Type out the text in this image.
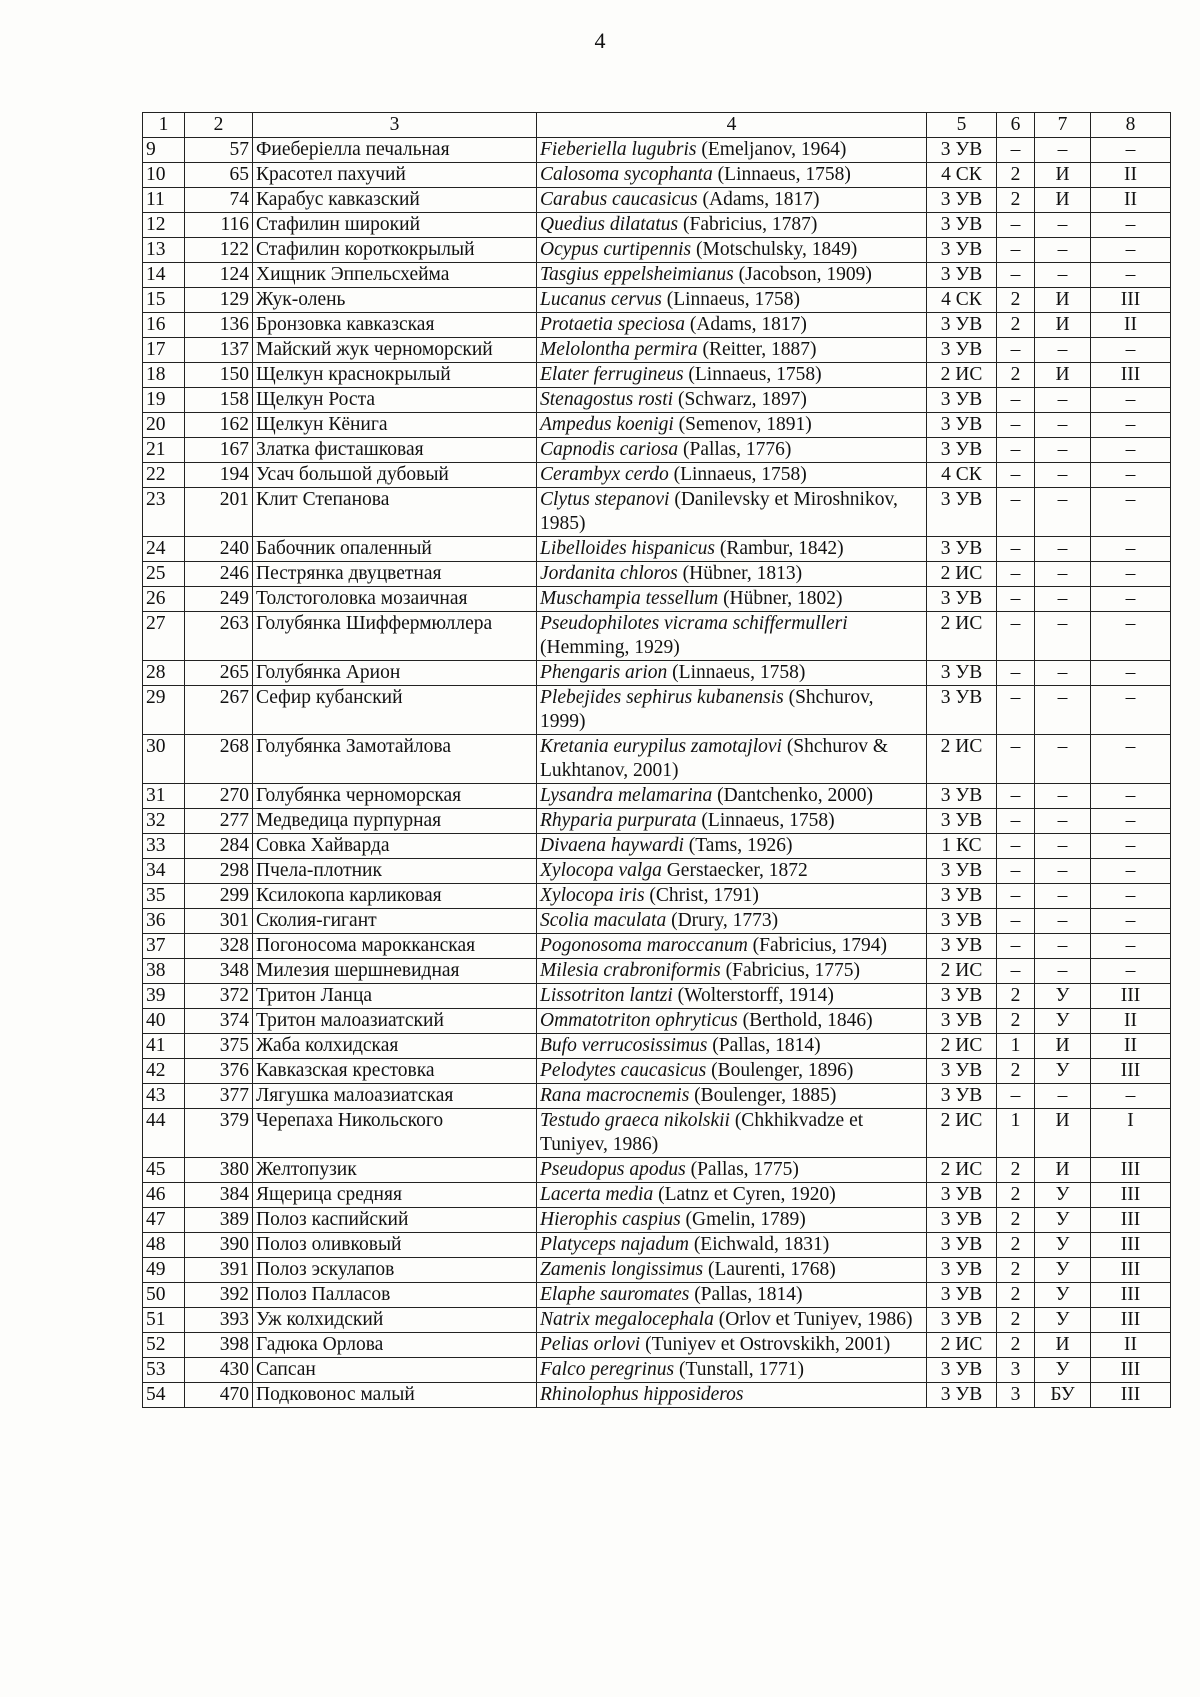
4
1	2	3	4	5	6	7	8
9	57	Фиеберiелла печальная	Fieberiella lugubris (Emeljanov, 1964)	3 УВ	–	–	–
10	65	Красотел пахучий	Calosoma sycophanta (Linnaeus, 1758)	4 СК	2	И	II
11	74	Карабус кавказский	Carabus caucasicus (Adams, 1817)	3 УВ	2	И	II
12	116	Стафилин широкий	Quedius dilatatus (Fabricius, 1787)	3 УВ	–	–	–
13	122	Стафилин короткокрылый	Ocypus curtipennis (Motschulsky, 1849)	3 УВ	–	–	–
14	124	Хищник Эппельсхейма	Tasgius eppelsheimianus (Jacobson, 1909)	3 УВ	–	–	–
15	129	Жук-олень	Lucanus cervus (Linnaeus, 1758)	4 СК	2	И	III
16	136	Бронзовка кавказская	Protaetia speciosa (Adams, 1817)	3 УВ	2	И	II
17	137	Майский жук черноморский	Melolontha permira (Reitter, 1887)	3 УВ	–	–	–
18	150	Щелкун краснокрылый	Elater ferrugineus (Linnaeus, 1758)	2 ИС	2	И	III
19	158	Щелкун Роста	Stenagostus rosti (Schwarz, 1897)	3 УВ	–	–	–
20	162	Щелкун Кёнига	Ampedus koenigi (Semenov, 1891)	3 УВ	–	–	–
21	167	Златка фисташковая	Capnodis cariosa (Pallas, 1776)	3 УВ	–	–	–
22	194	Усач большой дубовый	Cerambyx cerdo (Linnaeus, 1758)	4 СК	–	–	–
23	201	Клит Степанова	Clytus stepanovi (Danilevsky et Miroshnikov, 1985)	3 УВ	–	–	–
24	240	Бабочник опаленный	Libelloides hispanicus (Rambur, 1842)	3 УВ	–	–	–
25	246	Пестрянка двуцветная	Jordanita chloros (Hübner, 1813)	2 ИС	–	–	–
26	249	Толстоголовка мозаичная	Muschampia tessellum (Hübner, 1802)	3 УВ	–	–	–
27	263	Голубянка Шиффермюллера	Pseudophilotes vicrama schiffermulleri (Hemming, 1929)	2 ИС	–	–	–
28	265	Голубянка Арион	Phengaris arion (Linnaeus, 1758)	3 УВ	–	–	–
29	267	Сефир кубанский	Plebejides sephirus kubanensis (Shchurov, 1999)	3 УВ	–	–	–
30	268	Голубянка Замотайлова	Kretania eurypilus zamotajlovi (Shchurov & Lukhtanov, 2001)	2 ИС	–	–	–
31	270	Голубянка черноморская	Lysandra melamarina (Dantchenko, 2000)	3 УВ	–	–	–
32	277	Медведица пурпурная	Rhyparia purpurata (Linnaeus, 1758)	3 УВ	–	–	–
33	284	Совка Хайварда	Divaena haywardi (Tams, 1926)	1 КС	–	–	–
34	298	Пчела-плотник	Xylocopa valga Gerstaecker, 1872	3 УВ	–	–	–
35	299	Ксилокопа карликовая	Xylocopa iris (Christ, 1791)	3 УВ	–	–	–
36	301	Сколия-гигант	Scolia maculata (Drury, 1773)	3 УВ	–	–	–
37	328	Погоносома марокканская	Pogonosoma maroccanum (Fabricius, 1794)	3 УВ	–	–	–
38	348	Милезия шершневидная	Milesia crabroniformis (Fabricius, 1775)	2 ИС	–	–	–
39	372	Тритон Ланца	Lissotriton lantzi (Wolterstorff, 1914)	3 УВ	2	У	III
40	374	Тритон малоазиатский	Ommatotriton ophryticus (Berthold, 1846)	3 УВ	2	У	II
41	375	Жаба колхидская	Bufo verrucosissimus (Pallas, 1814)	2 ИС	1	И	II
42	376	Кавказская крестовка	Pelodytes caucasicus (Boulenger, 1896)	3 УВ	2	У	III
43	377	Лягушка малоазиатская	Rana macrocnemis (Boulenger, 1885)	3 УВ	–	–	–
44	379	Черепаха Никольского	Testudo graeca nikolskii (Chkhikvadze et Tuniyev, 1986)	2 ИС	1	И	I
45	380	Желтопузик	Pseudopus apodus (Pallas, 1775)	2 ИС	2	И	III
46	384	Ящерица средняя	Lacerta media (Latnz et Cyren, 1920)	3 УВ	2	У	III
47	389	Полоз каспийский	Hierophis caspius (Gmelin, 1789)	3 УВ	2	У	III
48	390	Полоз оливковый	Platyceps najadum (Eichwald, 1831)	3 УВ	2	У	III
49	391	Полоз эскулапов	Zamenis longissimus (Laurenti, 1768)	3 УВ	2	У	III
50	392	Полоз Палласов	Elaphe sauromates (Pallas, 1814)	3 УВ	2	У	III
51	393	Уж колхидский	Natrix megalocephala (Orlov et Tuniyev, 1986)	3 УВ	2	У	III
52	398	Гадюка Орлова	Pelias orlovi (Tuniyev et Ostrovskikh, 2001)	2 ИС	2	И	II
53	430	Сапсан	Falco peregrinus (Tunstall, 1771)	3 УВ	3	У	III
54	470	Подковонос малый	Rhinolophus hipposideros	3 УВ	3	БУ	III
